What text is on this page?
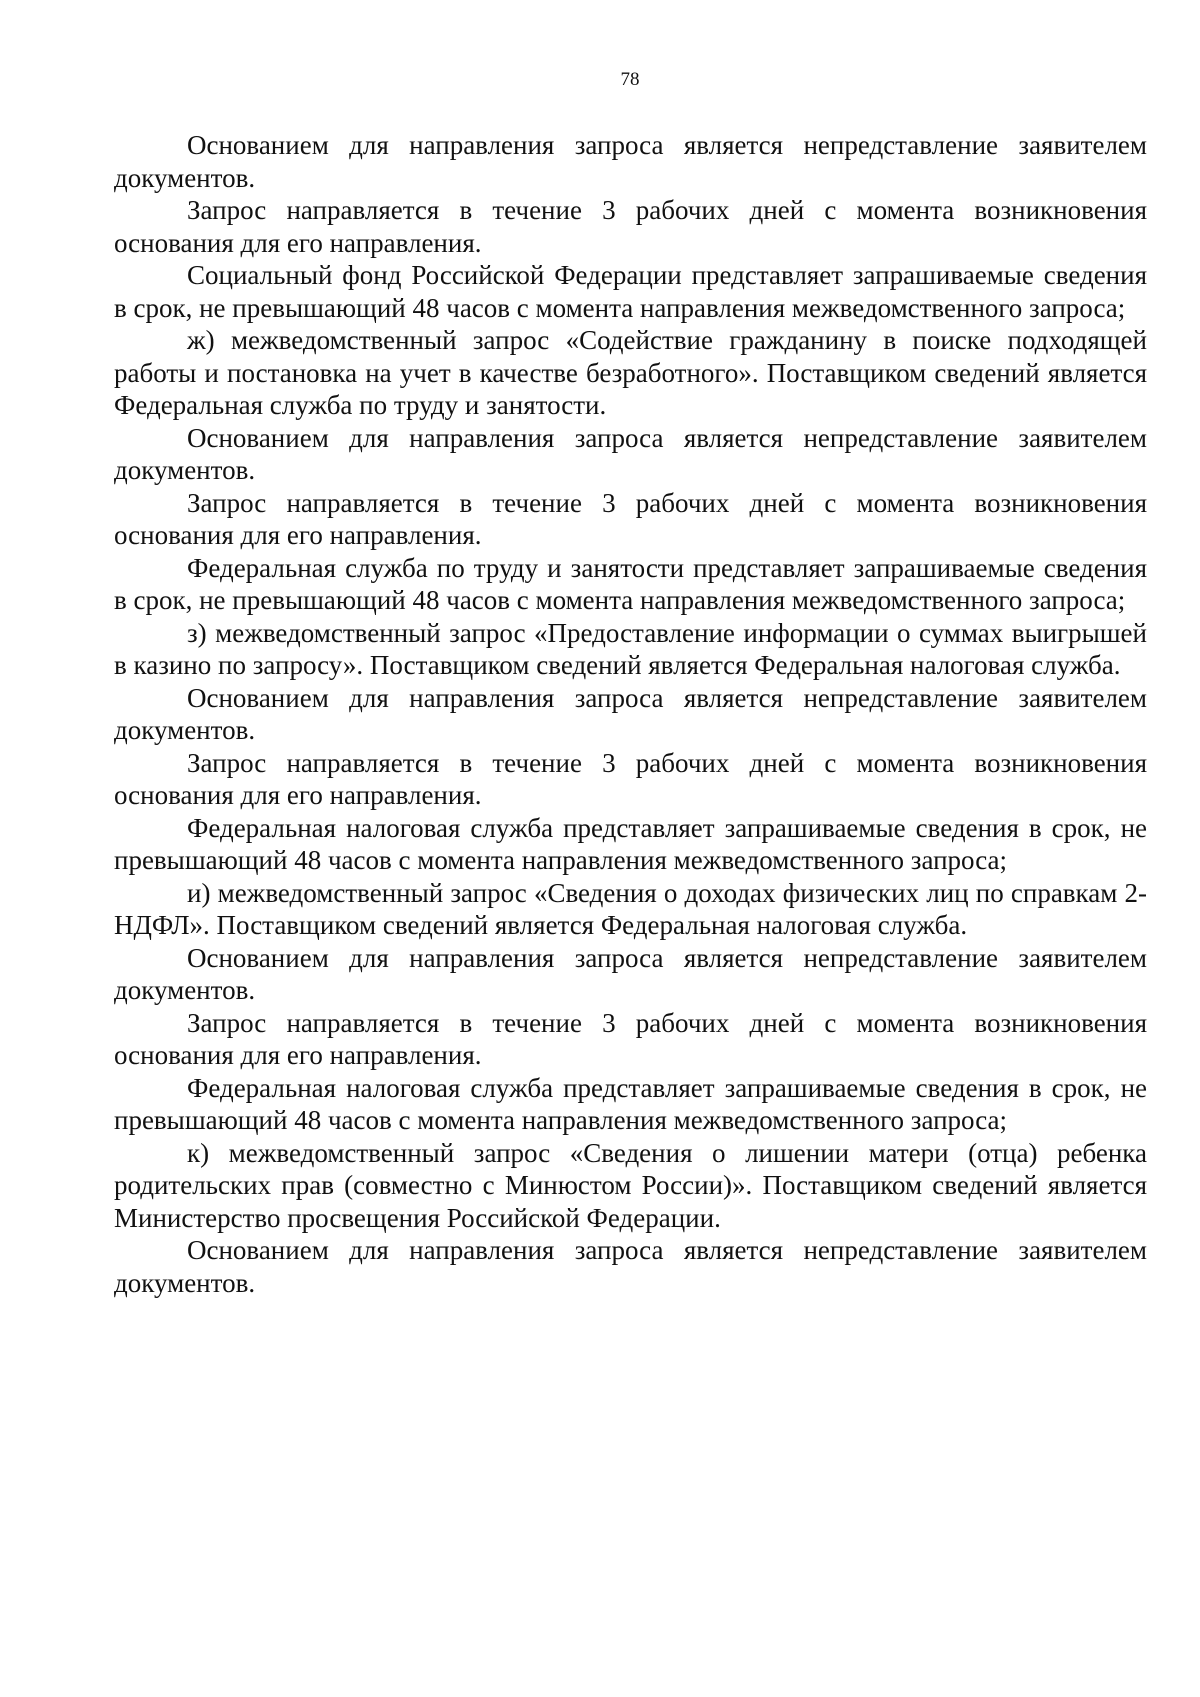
78

Основанием для направления запроса является непредставление заявителем документов.

Запрос направляется в течение 3 рабочих дней с момента возникновения основания для его направления.

Социальный фонд Российской Федерации представляет запрашиваемые сведения в срок, не превышающий 48 часов с момента направления межведомственного запроса;

ж) межведомственный запрос «Содействие гражданину в поиске подходящей работы и постановка на учет в качестве безработного». Поставщиком сведений является Федеральная служба по труду и занятости.

Основанием для направления запроса является непредставление заявителем документов.

Запрос направляется в течение 3 рабочих дней с момента возникновения основания для его направления.

Федеральная служба по труду и занятости представляет запрашиваемые сведения в срок, не превышающий 48 часов с момента направления межведомственного запроса;

з) межведомственный запрос «Предоставление информации о суммах выигрышей в казино по запросу». Поставщиком сведений является Федеральная налоговая служба.

Основанием для направления запроса является непредставление заявителем документов.

Запрос направляется в течение 3 рабочих дней с момента возникновения основания для его направления.

Федеральная налоговая служба представляет запрашиваемые сведения в срок, не превышающий 48 часов с момента направления межведомственного запроса;

и) межведомственный запрос «Сведения о доходах физических лиц по справкам 2-НДФЛ». Поставщиком сведений является Федеральная налоговая служба.

Основанием для направления запроса является непредставление заявителем документов.

Запрос направляется в течение 3 рабочих дней с момента возникновения основания для его направления.

Федеральная налоговая служба представляет запрашиваемые сведения в срок, не превышающий 48 часов с момента направления межведомственного запроса;

к) межведомственный запрос «Сведения о лишении матери (отца) ребенка родительских прав (совместно с Минюстом России)». Поставщиком сведений является Министерство просвещения Российской Федерации.

Основанием для направления запроса является непредставление заявителем документов.
